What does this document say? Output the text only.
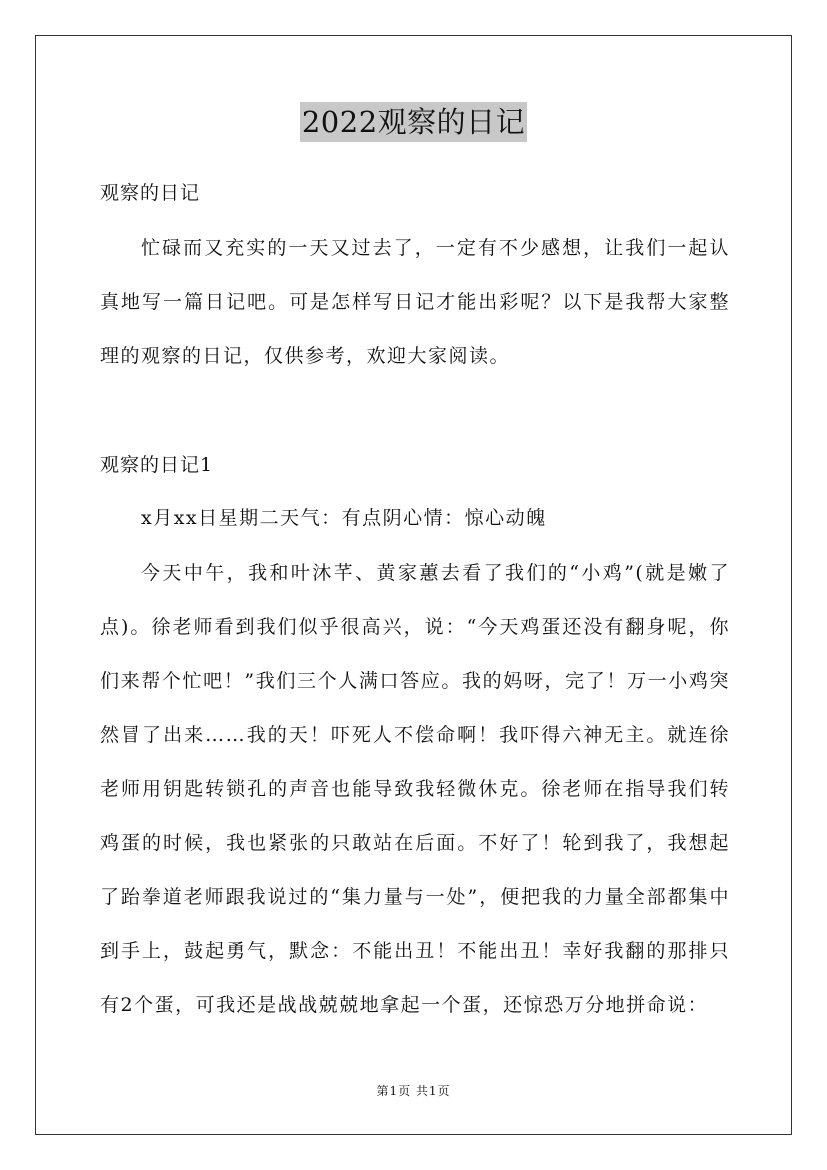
2022观察的日记
观察的日记

忙碌而又充实的一天又过去了，一定有不少感想，让我们一起认真地写一篇日记吧。可是怎样写日记才能出彩呢？以下是我帮大家整理的观察的日记，仅供参考，欢迎大家阅读。

观察的日记1
x月xx日星期二天气：有点阴心情：惊心动魄

今天中午，我和叶沐芊、黄家蕙去看了我们的“小鸡”(就是嫩了点)。徐老师看到我们似乎很高兴，说：“今天鸡蛋还没有翻身呢，你们来帮个忙吧！”我们三个人满口答应。我的妈呀，完了！万一小鸡突然冒了出来……我的天！吓死人不偿命啊！我吓得六神无主。就连徐老师用钥匙转锁孔的声音也能导致我轻微休克。徐老师在指导我们转鸡蛋的时候，我也紧张的只敢站在后面。不好了！轮到我了，我想起了跆拳道老师跟我说过的“集力量与一处”，便把我的力量全部都集中到手上，鼓起勇气，默念：不能出丑！不能出丑！幸好我翻的那排只有2个蛋，可我还是战战兢兢地拿起一个蛋，还惊恐万分地拼命说：

第1页 共1页
